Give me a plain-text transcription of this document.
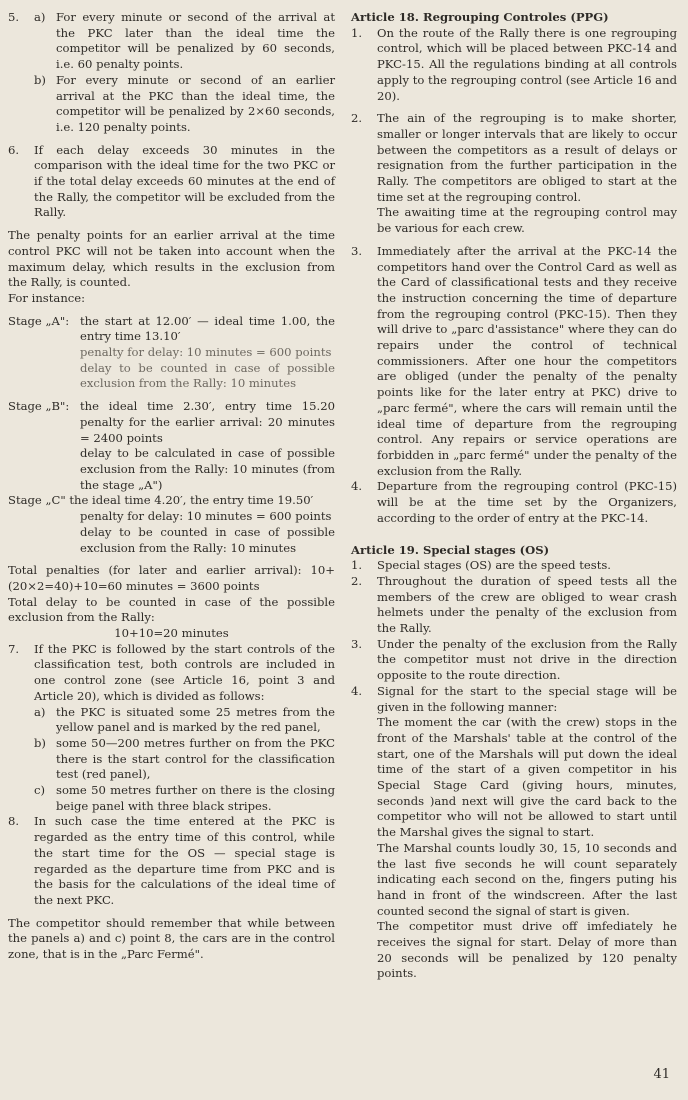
5. a) For every minute or second of the arrival at the PKC later than the ideal time the competitor will be penalized by 60 seconds, i.e. 60 penalty points.

b) For every minute or second of an earlier arrival at the PKC than the ideal time, the competitor will be penalized by 2×60 seconds, i.e. 120 penalty points.

6. If each delay exceeds 30 minutes in the comparison with the ideal time for the two PKC or if the total delay exceeds 60 minutes at the end of the Rally, the competitor will be excluded from the Rally.

The penalty points for an earlier arrival at the time control PKC will not be taken into account when the maximum delay, which results in the exclusion from the Rally, is counted.

For instance:

Stage „A": the start at 12.00′ — ideal time 1.00, the entry time 13.10′

penalty for delay: 10 minutes = 600 points

delay to be counted in case of possible exclusion from the Rally: 10 minutes

Stage „B": the ideal time 2.30′, entry time 15.20 penalty for the earlier arrival: 20 minutes = 2400 points

delay to be calculated in case of possible exclusion from the Rally: 10 minutes (from the stage „A")

Stage „C" the ideal time 4.20′, the entry time 19.50′

penalty for delay: 10 minutes = 600 points

delay to be counted in case of possible exclusion from the Rally: 10 minutes

Total penalties (for later and earlier arrival): 10+(20×2=40)+10=60 minutes = 3600 points

Total delay to be counted in case of the possible exclusion from the Rally:

10+10=20 minutes

7. If the PKC is followed by the start controls of the classification test, both controls are included in one control zone (see Article 16, point 3 and Article 20), which is divided as follows:

a) the PKC is situated some 25 metres from the yellow panel and is marked by the red panel,

b) some 50—200 metres further on from the PKC there is the start control for the classification test (red panel),

c) some 50 metres further on there is the closing beige panel with three black stripes.

8. In such case the time entered at the PKC is regarded as the entry time of this control, while the start time for the OS — special stage is regarded as the departure time from PKC and is the basis for the calculations of the ideal time of the next PKC.

The competitor should remember that while between the panels a) and c) point 8, the cars are in the control zone, that is in the „Parc Fermé".

Article 18. Regrouping Controles (PPG)

1. On the route of the Rally there is one regrouping control, which will be placed between PKC-14 and PKC-15. All the regulations binding at all controls apply to the regrouping control (see Article 16 and 20).

2. The ain of the regrouping is to make shorter, smaller or longer intervals that are likely to occur between the competitors as a result of delays or resignation from the further participation in the Rally. The competitors are obliged to start at the time set at the regrouping control.

The awaiting time at the regrouping control may be various for each crew.

3. Immediately after the arrival at the PKC-14 the competitors hand over the Control Card as well as the Card of classificational tests and they receive the instruction concerning the time of departure from the regrouping control (PKC-15). Then they will drive to „parc d'assistance" where they can do repairs under the control of technical commissioners. After one hour the competitors are obliged (under the penalty of the penalty points like for the later entry at PKC) drive to „parc fermé", where the cars will remain until the ideal time of departure from the regrouping control. Any repairs or service operations are forbidden in „parc fermé" under the penalty of the exclusion from the Rally.

4. Departure from the regrouping control (PKC-15) will be at the time set by the Organizers, according to the order of entry at the PKC-14.

Article 19. Special stages (OS)

1. Special stages (OS) are the speed tests.

2. Throughout the duration of speed tests all the members of the crew are obliged to wear crash helmets under the penalty of the exclusion from the Rally.

3. Under the penalty of the exclusion from the Rally the competitor must not drive in the direction opposite to the route direction.

4. Signal for the start to the special stage will be given in the following manner:

The moment the car (with the crew) stops in the front of the Marshals' table at the control of the start, one of the Marshals will put down the ideal time of the start of a given competitor in his Special Stage Card (giving hours, minutes, seconds )and next will give the card back to the competitor who will not be allowed to start until the Marshal gives the signal to start.

The Marshal counts loudly 30, 15, 10 seconds and the last five seconds he will count separately indicating each second on the, fingers puting his hand in front of the windscreen. After the last counted second the signal of start is given.

The competitor must drive off imfediately he receives the signal for start. Delay of more than 20 seconds will be penalized by 120 penalty points.

41
